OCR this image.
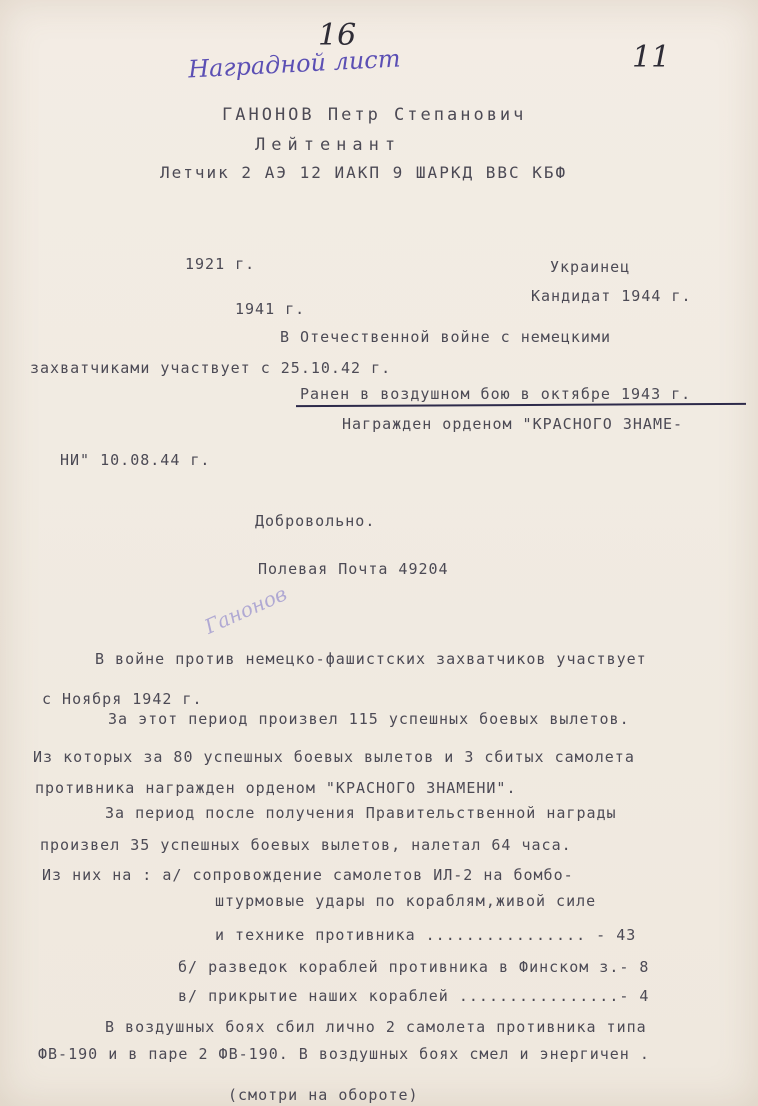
Наградной лист
16
11
ГАНОНОВ Петр Степанович
Лейтенант
Летчик 2 АЭ 12 ИАКП 9 ШАРКД ВВС КБФ
1921 г.	Украинец
Кандидат 1944 г.
1941 г.
В Отечественной войне с немецкими
захватчиками участвует с 25.10.42 г.
Ранен в воздушном бою в октябре 1943 г.
Награжден орденом "КРАСНОГО ЗНАМЕ-
НИ" 10.08.44 г.
Добровольно.
Полевая Почта 49204
Ганонов
В войне против немецко-фашистских захватчиков участвует
с Ноября 1942 г.
За этот период произвел 115 успешных боевых вылетов.
Из которых за 80 успешных боевых вылетов и 3 сбитых самолета
противника награжден орденом "КРАСНОГО ЗНАМЕНИ".
За период после получения Правительственной награды
произвел 35 успешных боевых вылетов, налетал 64 часа.
Из них на : а/ сопровождение самолетов ИЛ-2 на бомбо-
штурмовые удары по кораблям,живой силе
и технике противника ................ - 43
б/ разведок кораблей противника в Финском з.- 8
в/ прикрытие наших кораблей ................- 4
В воздушных боях сбил лично 2 самолета противника типа
ФВ-190 и в паре 2 ФВ-190. В воздушных боях смел и энергичен .
(смотри на обороте)
